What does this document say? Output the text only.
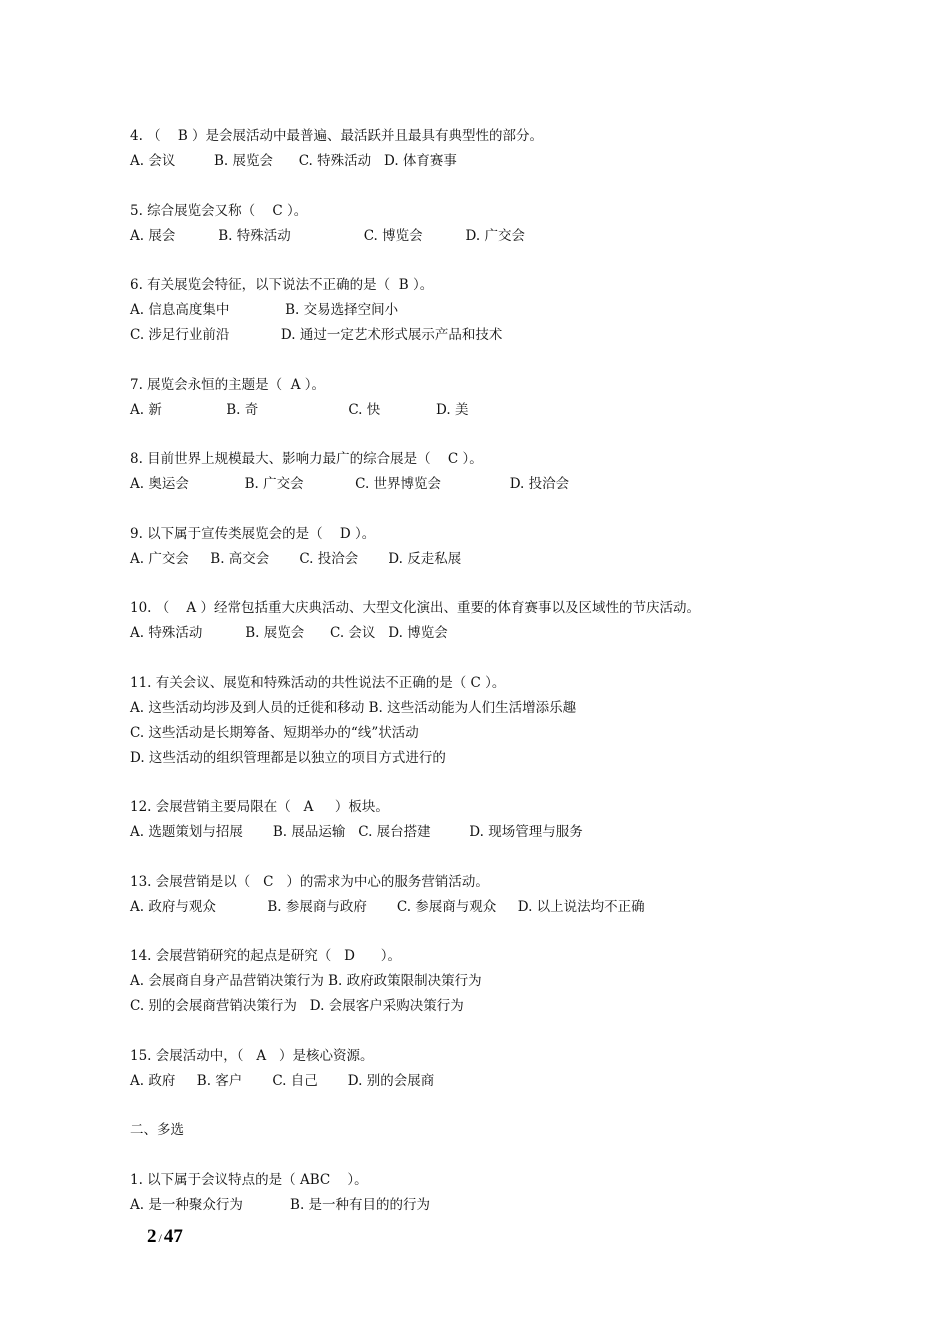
4. （    B ）是会展活动中最普遍、最活跃并且最具有典型性的部分。
A. 会议         B. 展览会      C. 特殊活动   D. 体育赛事
5. 综合展览会又称（    C ）。
A. 展会          B. 特殊活动                 C. 博览会          D. 广交会
6. 有关展览会特征，以下说法不正确的是（  B ）。
A. 信息高度集中             B. 交易选择空间小
C. 涉足行业前沿            D. 通过一定艺术形式展示产品和技术
7. 展览会永恒的主题是（  A ）。
A. 新               B. 奇                     C. 快             D. 美
8. 目前世界上规模最大、影响力最广的综合展是（    C ）。
A. 奥运会             B. 广交会            C. 世界博览会                D. 投洽会
9. 以下属于宣传类展览会的是（    D ）。
A. 广交会     B. 高交会       C. 投洽会       D. 反走私展
10. （    A ）经常包括重大庆典活动、大型文化演出、重要的体育赛事以及区域性的节庆活动。
A. 特殊活动          B. 展览会      C. 会议   D. 博览会
11. 有关会议、展览和特殊活动的共性说法不正确的是（ C ）。
A. 这些活动均涉及到人员的迁徙和移动 B. 这些活动能为人们生活增添乐趣
C. 这些活动是长期筹备、短期举办的“线”状活动
D. 这些活动的组织管理都是以独立的项目方式进行的
12. 会展营销主要局限在（   A     ）板块。
A. 选题策划与招展       B. 展品运输   C. 展台搭建         D. 现场管理与服务
13. 会展营销是以（   C   ）的需求为中心的服务营销活动。
A. 政府与观众            B. 参展商与政府       C. 参展商与观众     D. 以上说法均不正确
14. 会展营销研究的起点是研究（   D      ）。
A. 会展商自身产品营销决策行为 B. 政府政策限制决策行为
C. 别的会展商营销决策行为   D. 会展客户采购决策行为
15. 会展活动中，（   A   ）是核心资源。
A. 政府     B. 客户       C. 自己       D. 别的会展商
二、多选
1. 以下属于会议特点的是（ ABC    ）。
A. 是一种聚众行为           B. 是一种有目的的行为
2 / 47
